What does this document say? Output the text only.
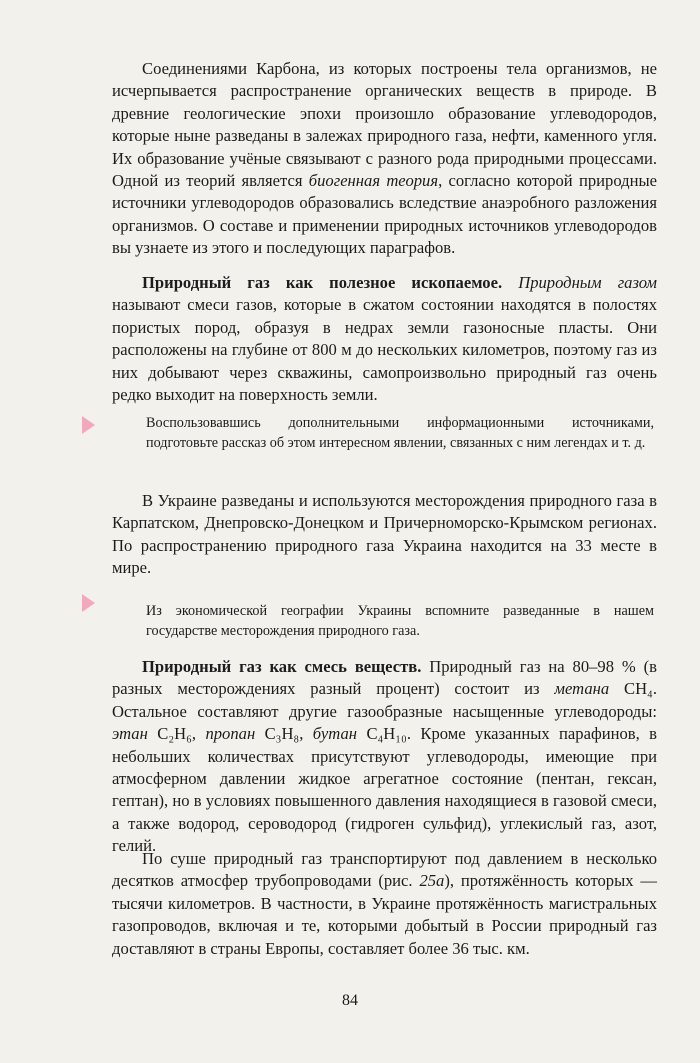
Соединениями Карбона, из которых построены тела организмов, не исчерпывается распространение органических веществ в природе. В древние геологические эпохи произошло образование углеводородов, которые ныне разведаны в залежах природного газа, нефти, каменного угля. Их образование учёные связывают с разного рода природными процессами. Одной из теорий является биогенная теория, согласно которой природные источники углеводородов образовались вследствие анаэробного разложения организмов. О составе и применении природных источников углеводородов вы узнаете из этого и последующих параграфов.

Природный газ как полезное ископаемое. Природным газом называют смеси газов, которые в сжатом состоянии находятся в полостях пористых пород, образуя в недрах земли газоносные пласты. Они расположены на глубине от 800 м до нескольких километров, поэтому газ из них добывают через скважины, самопроизвольно природный газ очень редко выходит на поверхность земли.

Воспользовавшись дополнительными информационными источниками, подготовьте рассказ об этом интересном явлении, связанных с ним легендах и т. д.

В Украине разведаны и используются месторождения природного газа в Карпатском, Днепровско-Донецком и Причерноморско-Крымском регионах. По распространению природного газа Украина находится на 33 месте в мире.

Из экономической географии Украины вспомните разведанные в нашем государстве месторождения природного газа.

Природный газ как смесь веществ. Природный газ на 80–98 % (в разных месторождениях разный процент) состоит из метана CH₄. Остальное составляют другие газообразные насыщенные углеводороды: этан C₂H₆, пропан C₃H₈, бутан C₄H₁₀. Кроме указанных парафинов, в небольших количествах присутствуют углеводороды, имеющие при атмосферном давлении жидкое агрегатное состояние (пентан, гексан, гептан), но в условиях повышенного давления находящиеся в газовой смеси, а также водород, сероводород (гидроген сульфид), углекислый газ, азот, гелий.

По суше природный газ транспортируют под давлением в несколько десятков атмосфер трубопроводами (рис. 25а), протяжённость которых — тысячи километров. В частности, в Украине протяжённость магистральных газопроводов, включая и те, которыми добытый в России природный газ доставляют в страны Европы, составляет более 36 тыс. км.

84
